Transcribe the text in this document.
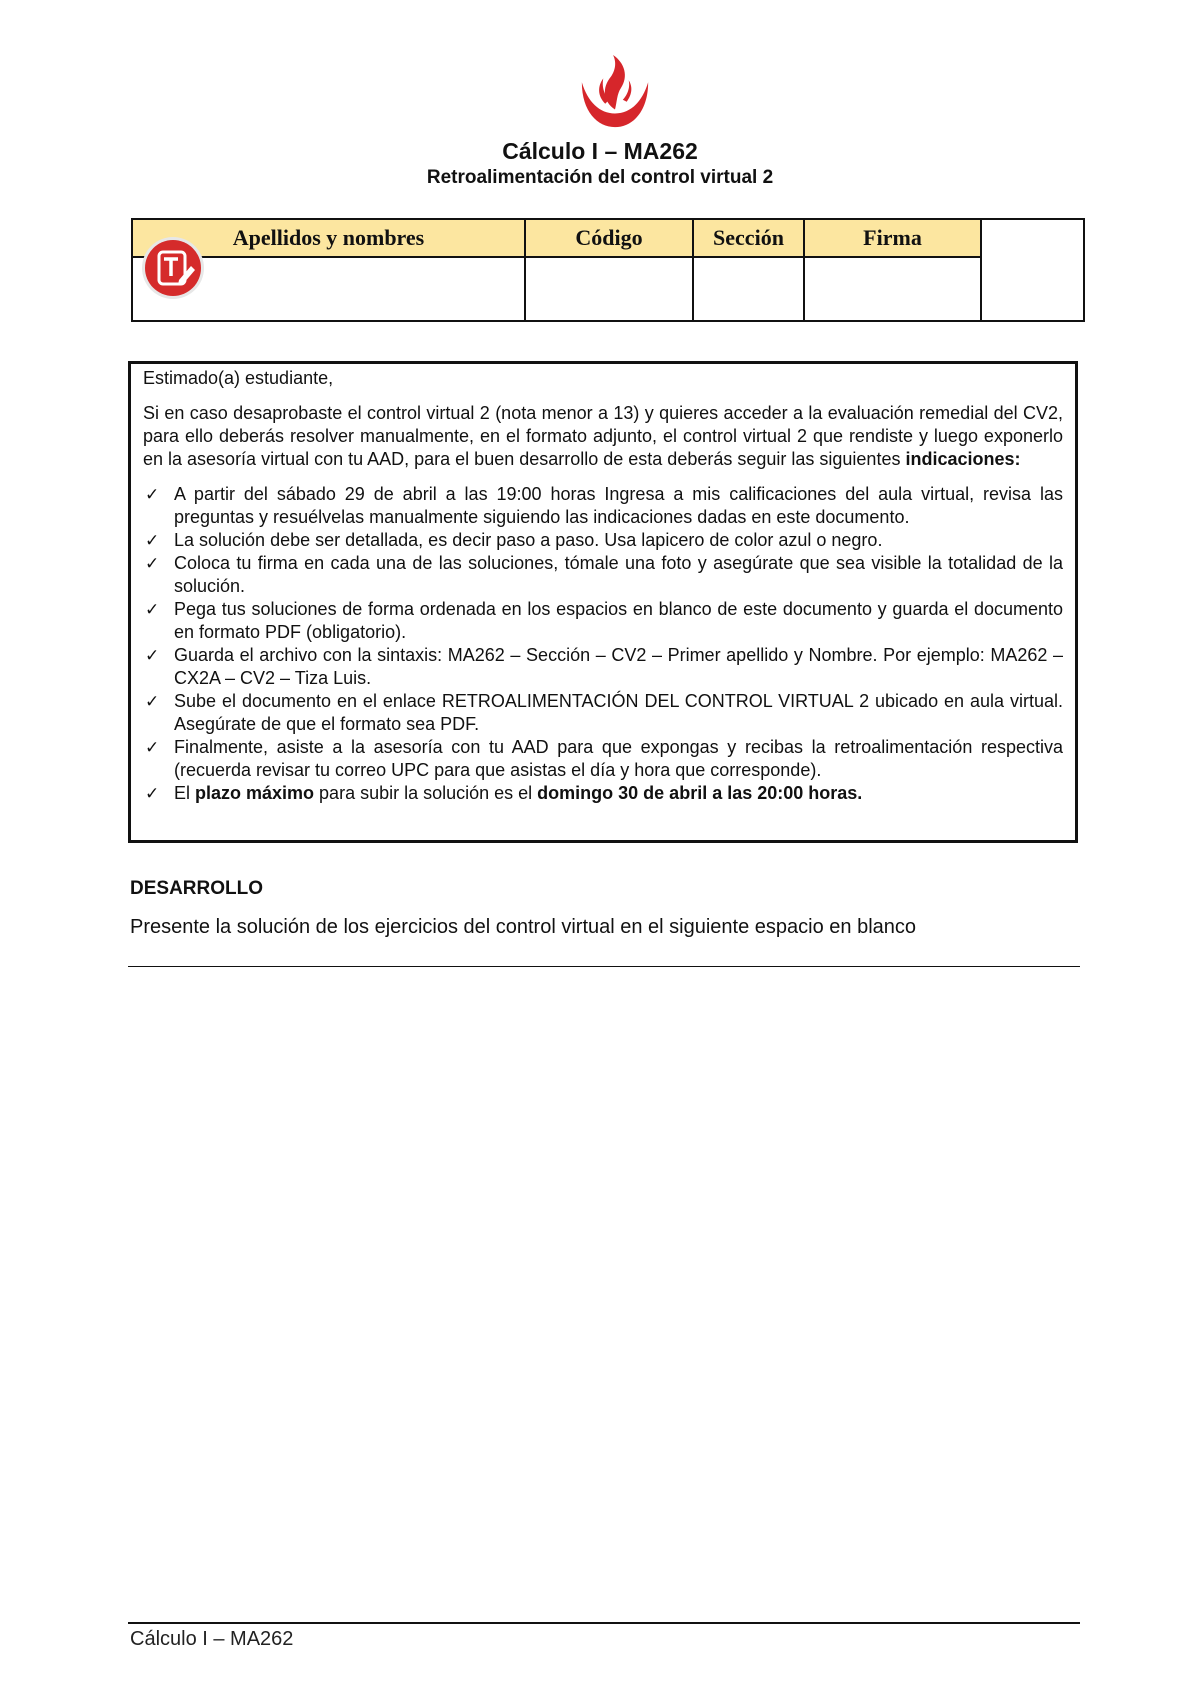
Cálculo I – MA262
Retroalimentación del control virtual 2
Apellidos y nombres	Código	Sección	Firma	

Estimado(a) estudiante,

Si en caso desaprobaste el control virtual 2 (nota menor a 13) y quieres acceder a la evaluación remedial del CV2, para ello deberás resolver manualmente, en el formato adjunto, el control virtual 2 que rendiste y luego exponerlo en la asesoría virtual con tu AAD, para el buen desarrollo de esta deberás seguir las siguientes indicaciones:

✓ A partir del sábado 29 de abril a las 19:00 horas Ingresa a mis calificaciones del aula virtual, revisa las preguntas y resuélvelas manualmente siguiendo las indicaciones dadas en este documento.
✓ La solución debe ser detallada, es decir paso a paso. Usa lapicero de color azul o negro.
✓ Coloca tu firma en cada una de las soluciones, tómale una foto y asegúrate que sea visible la totalidad de la solución.
✓ Pega tus soluciones de forma ordenada en los espacios en blanco de este documento y guarda el documento en formato PDF (obligatorio).
✓ Guarda el archivo con la sintaxis: MA262 – Sección – CV2 – Primer apellido y Nombre. Por ejemplo: MA262 – CX2A – CV2 – Tiza Luis.
✓ Sube el documento en el enlace RETROALIMENTACIÓN DEL CONTROL VIRTUAL 2 ubicado en aula virtual. Asegúrate de que el formato sea PDF.
✓ Finalmente, asiste a la asesoría con tu AAD para que expongas y recibas la retroalimentación respectiva (recuerda revisar tu correo UPC para que asistas el día y hora que corresponde).
✓ El plazo máximo para subir la solución es el domingo 30 de abril a las 20:00 horas.
DESARROLLO
Presente la solución de los ejercicios del control virtual en el siguiente espacio en blanco
Cálculo I – MA262
